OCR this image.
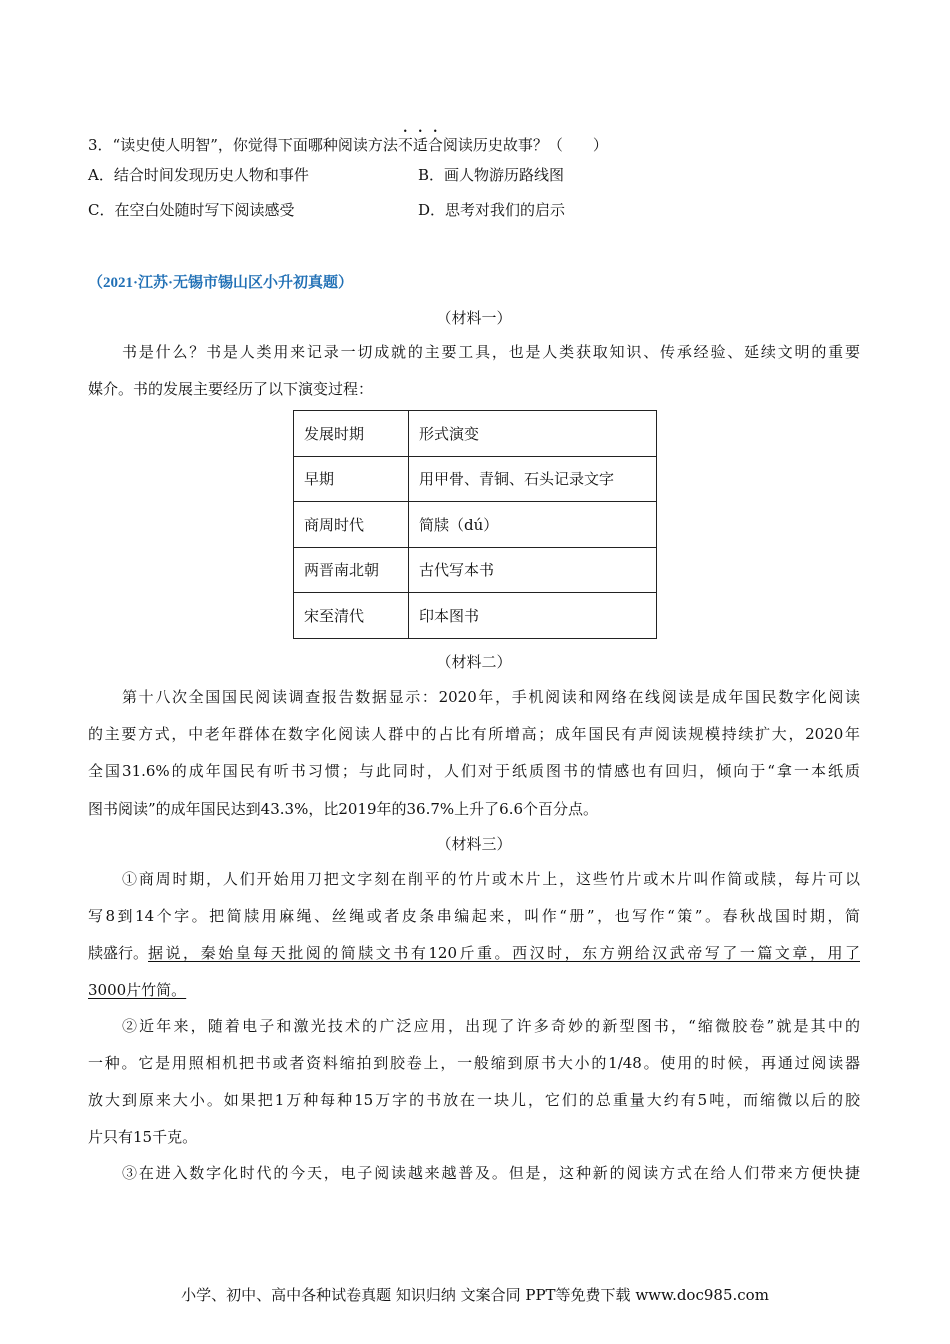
3．“读史使人明智”，你觉得下面哪种阅读方法不适合阅读历史故事？（　　）
A．结合时间发现历史人物和事件	B．画人物游历路线图
C．在空白处随时写下阅读感受	D．思考对我们的启示
（2021·江苏·无锡市锡山区小升初真题）
（材料一）
书是什么？书是人类用来记录一切成就的主要工具，也是人类获取知识、传承经验、延续文明的重要
媒介。书的发展主要经历了以下演变过程：
发展时期	形式演变
早期	用甲骨、青铜、石头记录文字
商周时代	简牍（dú）
两晋南北朝	古代写本书
宋至清代	印本图书
（材料二）
第十八次全国国民阅读调查报告数据显示：2020年，手机阅读和网络在线阅读是成年国民数字化阅读
的主要方式，中老年群体在数字化阅读人群中的占比有所增高；成年国民有声阅读规模持续扩大，2020年
全国31.6%的成年国民有听书习惯；与此同时，人们对于纸质图书的情感也有回归，倾向于“拿一本纸质
图书阅读”的成年国民达到43.3%，比2019年的36.7%上升了6.6个百分点。
（材料三）
①商周时期，人们开始用刀把文字刻在削平的竹片或木片上，这些竹片或木片叫作简或牍，每片可以
写8到14个字。把简牍用麻绳、丝绳或者皮条串编起来，叫作“册”，也写作“策”。春秋战国时期，简
牍盛行。 据说，秦始皇每天批阅的简牍文书有120斤重。西汉时，东方朔给汉武帝写了一篇文章，用了
3000片竹简。
②近年来，随着电子和激光技术的广泛应用，出现了许多奇妙的新型图书，“缩微胶卷”就是其中的
一种。它是用照相机把书或者资料缩拍到胶卷上，一般缩到原书大小的1/48。使用的时候，再通过阅读器
放大到原来大小。如果把1万种每种15万字的书放在一块儿，它们的总重量大约有5吨，而缩微以后的胶
片只有15千克。
③在进入数字化时代的今天，电子阅读越来越普及。但是，这种新的阅读方式在给人们带来方便快捷
小学、初中、高中各种试卷真题 知识归纳 文案合同 PPT等免费下载 www.doc985.com
